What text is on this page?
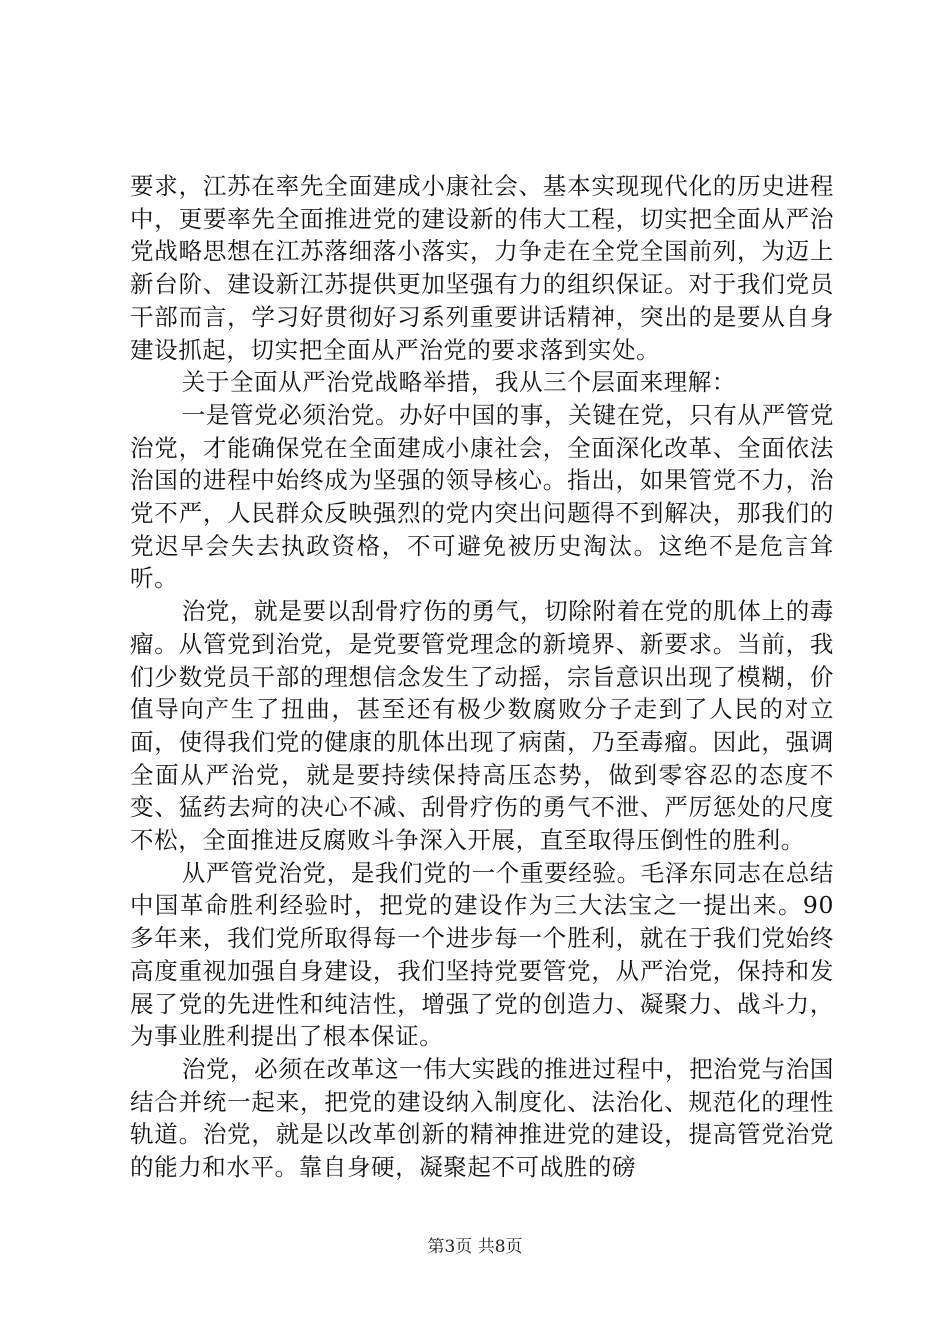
要求，江苏在率先全面建成小康社会、基本实现现代化的历史进程中，更要率先全面推进党的建设新的伟大工程，切实把全面从严治党战略思想在江苏落细落小落实，力争走在全党全国前列，为迈上新台阶、建设新江苏提供更加坚强有力的组织保证。对于我们党员干部而言，学习好贯彻好习系列重要讲话精神，突出的是要从自身建设抓起，切实把全面从严治党的要求落到实处。

关于全面从严治党战略举措，我从三个层面来理解：

一是管党必须治党。办好中国的事，关键在党，只有从严管党治党，才能确保党在全面建成小康社会，全面深化改革、全面依法治国的进程中始终成为坚强的领导核心。指出，如果管党不力，治党不严，人民群众反映强烈的党内突出问题得不到解决，那我们的党迟早会失去执政资格，不可避免被历史淘汰。这绝不是危言耸听。

治党，就是要以刮骨疗伤的勇气，切除附着在党的肌体上的毒瘤。从管党到治党，是党要管党理念的新境界、新要求。当前，我们少数党员干部的理想信念发生了动摇，宗旨意识出现了模糊，价值导向产生了扭曲，甚至还有极少数腐败分子走到了人民的对立面，使得我们党的健康的肌体出现了病菌，乃至毒瘤。因此，强调全面从严治党，就是要持续保持高压态势，做到零容忍的态度不变、猛药去疴的决心不减、刮骨疗伤的勇气不泄、严厉惩处的尺度不松，全面推进反腐败斗争深入开展，直至取得压倒性的胜利。

从严管党治党，是我们党的一个重要经验。毛泽东同志在总结中国革命胜利经验时，把党的建设作为三大法宝之一提出来。90多年来，我们党所取得每一个进步每一个胜利，就在于我们党始终高度重视加强自身建设，我们坚持党要管党，从严治党，保持和发展了党的先进性和纯洁性，增强了党的创造力、凝聚力、战斗力，为事业胜利提出了根本保证。

治党，必须在改革这一伟大实践的推进过程中，把治党与治国结合并统一起来，把党的建设纳入制度化、法治化、规范化的理性轨道。治党，就是以改革创新的精神推进党的建设，提高管党治党的能力和水平。靠自身硬，凝聚起不可战胜的磅

第3页 共8页
